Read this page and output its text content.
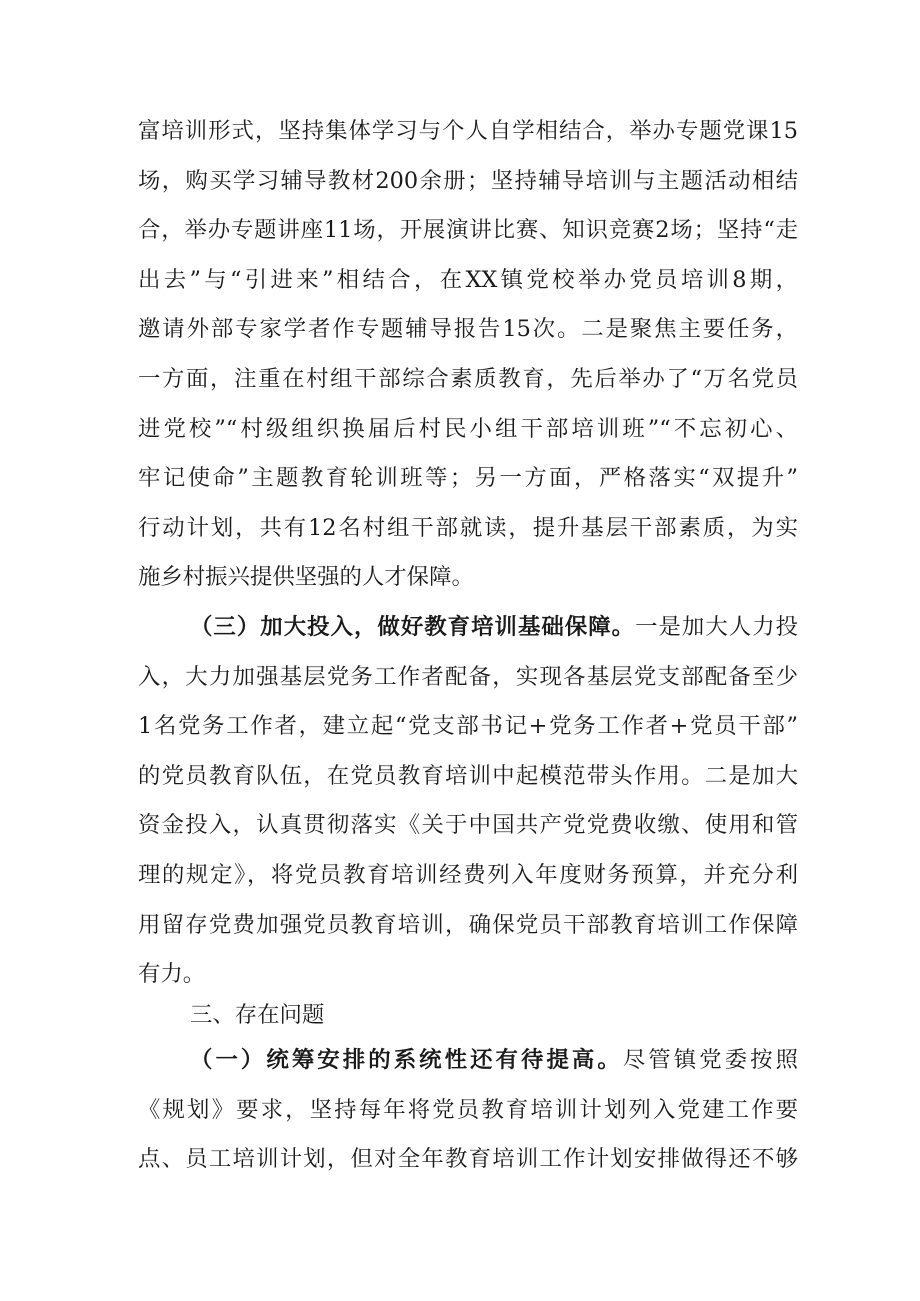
富培训形式，坚持集体学习与个人自学相结合，举办专题党课15
场，购买学习辅导教材200余册；坚持辅导培训与主题活动相结
合，举办专题讲座11场，开展演讲比赛、知识竞赛2场；坚持“走
出去”与“引进来”相结合，在XX镇党校举办党员培训8期，
邀请外部专家学者作专题辅导报告15次。二是聚焦主要任务，
一方面，注重在村组干部综合素质教育，先后举办了“万名党员
进党校”“村级组织换届后村民小组干部培训班”“不忘初心、
牢记使命”主题教育轮训班等；另一方面，严格落实“双提升”
行动计划，共有12名村组干部就读，提升基层干部素质，为实
施乡村振兴提供坚强的人才保障。
（三）加大投入，做好教育培训基础保障。一是加大人力投
入，大力加强基层党务工作者配备，实现各基层党支部配备至少
1名党务工作者，建立起“党支部书记+党务工作者+党员干部”
的党员教育队伍，在党员教育培训中起模范带头作用。二是加大
资金投入，认真贯彻落实《关于中国共产党党费收缴、使用和管
理的规定》，将党员教育培训经费列入年度财务预算，并充分利
用留存党费加强党员教育培训，确保党员干部教育培训工作保障
有力。
三、存在问题
（一）统筹安排的系统性还有待提高。尽管镇党委按照
《规划》要求，坚持每年将党员教育培训计划列入党建工作要
点、员工培训计划，但对全年教育培训工作计划安排做得还不够
